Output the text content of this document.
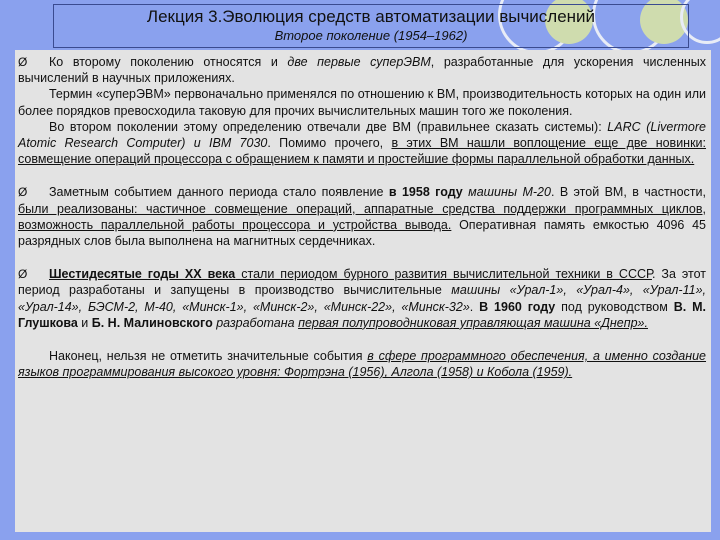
Лекция 3.Эволюция средств автоматизации вычислений
Второе поколение (1954–1962)

Ø Ко второму поколению относятся и две первые суперЭВМ, разработанные для ускорения численных вычислений в научных приложениях.

Термин «суперЭВМ» первоначально применялся по отношению к ВМ, производительность которых на один или более порядков превосходила таковую для прочих вычислительных машин того же поколения.

Во втором поколении этому определению отвечали две ВМ (правильнее сказать системы): LARC (Livermore Atomic Research Computer) и IBM 7030. Помимо прочего, в этих ВМ нашли воплощение еще две новинки: совмещение операций процессора с обращением к памяти и простейшие формы параллельной обработки данных.

Ø Заметным событием данного периода стало появление в 1958 году машины М-20. В этой ВМ, в частности, были реализованы: частичное совмещение операций, аппаратные средства поддержки программных циклов, возможность параллельной работы процессора и устройства вывода. Оперативная память емкостью 4096 45 разрядных слов была выполнена на магнитных сердечниках.

Ø Шестидесятые годы XX века стали периодом бурного развития вычислительной техники в СССР. За этот период разработаны и запущены в производство вычислительные машины «Урал-1», «Урал-4», «Урал-11», «Урал-14», БЭСМ-2, М-40, «Минск-1», «Минск-2», «Минск-22», «Минск-32». В 1960 году под руководством В. М. Глушкова и Б. Н. Малиновского разработана первая полупроводниковая управляющая машина «Днепр».

Наконец, нельзя не отметить значительные события в сфере программного обеспечения, а именно создание языков программирования высокого уровня: Фортрэна (1956), Алгола (1958) и Кобола (1959).
